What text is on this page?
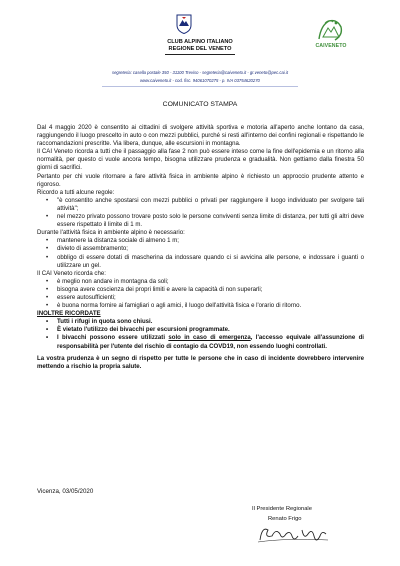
CLUB ALPINO ITALIANO
REGIONE DEL VENETO	CAIVENETO
segreteria: casella postale 350 - 31100 Treviso - segreteria@caiveneto.it - gr.veneto@pec.cai.it
www.caiveneto.it - cod. fisc. 94061070275 - p. IVA 03754620270
COMUNICATO STAMPA

Dal 4 maggio 2020 è consentito ai cittadini di svolgere attività sportiva e motoria all'aperto anche lontano da casa, raggiungendo il luogo prescelto in auto o con mezzi pubblici, purché si resti all'interno dei confini regionali e rispettando le raccomandazioni prescritte. Via libera, dunque, alle escursioni in montagna.

Il CAI Veneto ricorda a tutti che il passaggio alla fase 2 non può essere inteso come la fine dell'epidemia e un ritorno alla normalità, per questo ci vuole ancora tempo, bisogna utilizzare prudenza e gradualità. Non gettiamo dalla finestra 50 giorni di sacrifici.

Pertanto per chi vuole ritornare a fare attività fisica in ambiente alpino è richiesto un approccio prudente attento e rigoroso.

Ricordo a tutti alcune regole:

• "è consentito anche spostarsi con mezzi pubblici o privati per raggiungere il luogo individuato per svolgere tali attività";
• nel mezzo privato possono trovare posto solo le persone conviventi senza limite di distanza, per tutti gli altri deve essere rispettato il limite di 1 m.

Durante l'attività fisica in ambiente alpino è necessario:

• mantenere la distanza sociale di almeno 1 m;
• divieto di assembramento;
• obbligo di essere dotati di mascherina da indossare quando ci si avvicina alle persone, e indossare i guanti o utilizzare un gel.

Il CAI Veneto ricorda che:

• è meglio non andare in montagna da soli;
• bisogna avere coscienza dei propri limiti e avere la capacità di non superarli;
• essere autosufficienti;
• è buona norma fornire ai famigliari o agli amici, il luogo dell'attività fisica e l'orario di ritorno.

INOLTRE RICORDATE

• Tutti i rifugi in quota sono chiusi.
• È vietato l'utilizzo dei bivacchi per escursioni programmate.
• I bivacchi possono essere utilizzati solo in caso di emergenza, l'accesso equivale all'assunzione di responsabilità per l'utente del rischio di contagio da COVD19, non essendo luoghi controllati.

La vostra prudenza è un segno di rispetto per tutte le persone che in caso di incidente dovrebbero intervenire mettendo a rischio la propria salute.

Vicenza, 03/05/2020
Il Presidente Regionale
Renato Frigo
